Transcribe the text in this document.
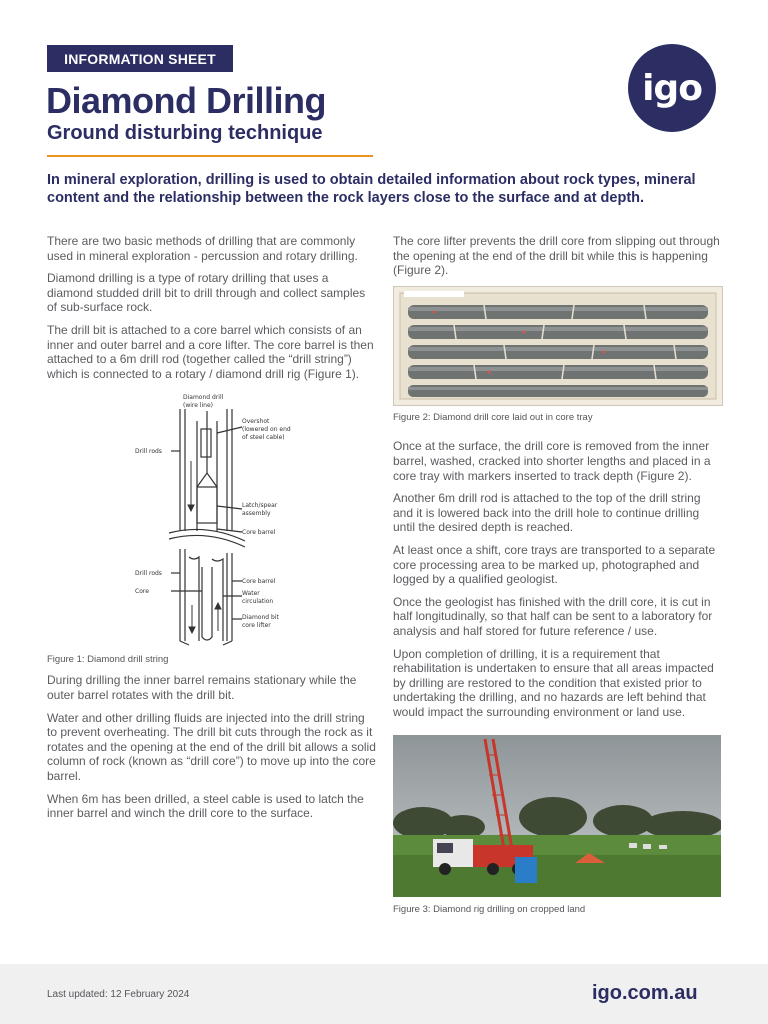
INFORMATION SHEET
igo
Diamond Drilling
Ground disturbing technique

In mineral exploration, drilling is used to obtain detailed information about rock types, mineral content and the relationship between the rock layers close to the surface and at depth.

There are two basic methods of drilling that are commonly used in mineral exploration - percussion and rotary drilling.

Diamond drilling is a type of rotary drilling that uses a diamond studded drill bit to drill through and collect samples of sub-surface rock.

The drill bit is attached to a core barrel which consists of an inner and outer barrel and a core lifter. The core barrel is then attached to a 6m drill rod (together called the “drill string”) which is connected to a rotary / diamond drill rig (Figure 1).

Diamond drill
(wire line)
Overshot
(lowered on end
of steel cable)
Drill rods
Latch/spear
assembly
Core barrel
Drill rods
Core
Core barrel
Water
circulation
Diamond bit
core lifter

Figure 1: Diamond drill string

During drilling the inner barrel remains stationary while the outer barrel rotates with the drill bit.

Water and other drilling fluids are injected into the drill string to prevent overheating. The drill bit cuts through the rock as it rotates and the opening at the end of the drill bit allows a solid column of rock (known as “drill core”) to move up into the core barrel.

When 6m has been drilled, a steel cable is used to latch the inner barrel and winch the drill core to the surface.

The core lifter prevents the drill core from slipping out through the opening at the end of the drill bit while this is happening (Figure 2).

Figure 2: Diamond drill core laid out in core tray

Once at the surface, the drill core is removed from the inner barrel, washed, cracked into shorter lengths and placed in a core tray with markers inserted to track depth (Figure 2).

Another 6m drill rod is attached to the top of the drill string and it is lowered back into the drill hole to continue drilling until the desired depth is reached.

At least once a shift, core trays are transported to a separate core processing area to be marked up, photographed and logged by a qualified geologist.

Once the geologist has finished with the drill core, it is cut in half longitudinally, so that half can be sent to a laboratory for analysis and half stored for future reference / use.

Upon completion of drilling, it is a requirement that rehabilitation is undertaken to ensure that all areas impacted by drilling are restored to the condition that existed prior to undertaking the drilling, and no hazards are left behind that would impact the surrounding environment or land use.

Figure 3: Diamond rig drilling on cropped land

Last updated: 12 February 2024	igo.com.au
